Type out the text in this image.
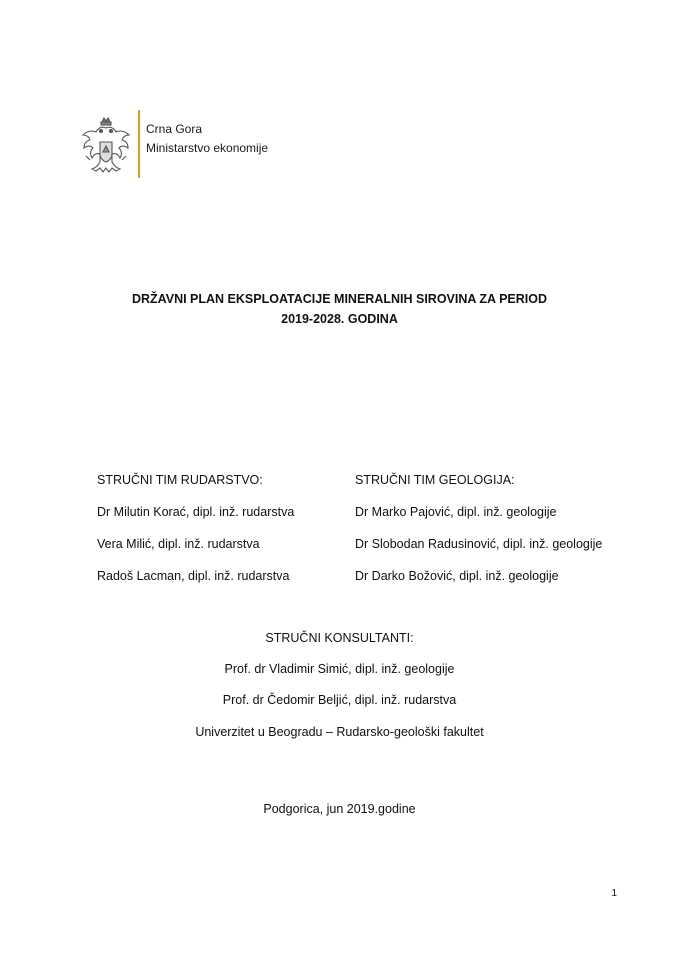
Crna Gora
Ministarstvo ekonomije
DRŽAVNI PLAN EKSPLOATACIJE MINERALNIH SIROVINA ZA PERIOD
2019-2028. GODINA
STRUČNI TIM RUDARSTVO:
Dr Milutin Korać, dipl. inž. rudarstva
Vera Milić, dipl. inž. rudarstva
Radoš Lacman, dipl. inž. rudarstva
STRUČNI TIM GEOLOGIJA:
Dr Marko Pajović, dipl. inž. geologije
Dr Slobodan Radusinović, dipl. inž. geologije
Dr Darko Božović, dipl. inž. geologije
STRUČNI KONSULTANTI:
Prof. dr Vladimir Simić, dipl. inž. geologije
Prof. dr Čedomir Beljić, dipl. inž. rudarstva
Univerzitet u Beogradu – Rudarsko-geološki fakultet
Podgorica, jun 2019.godine
1
